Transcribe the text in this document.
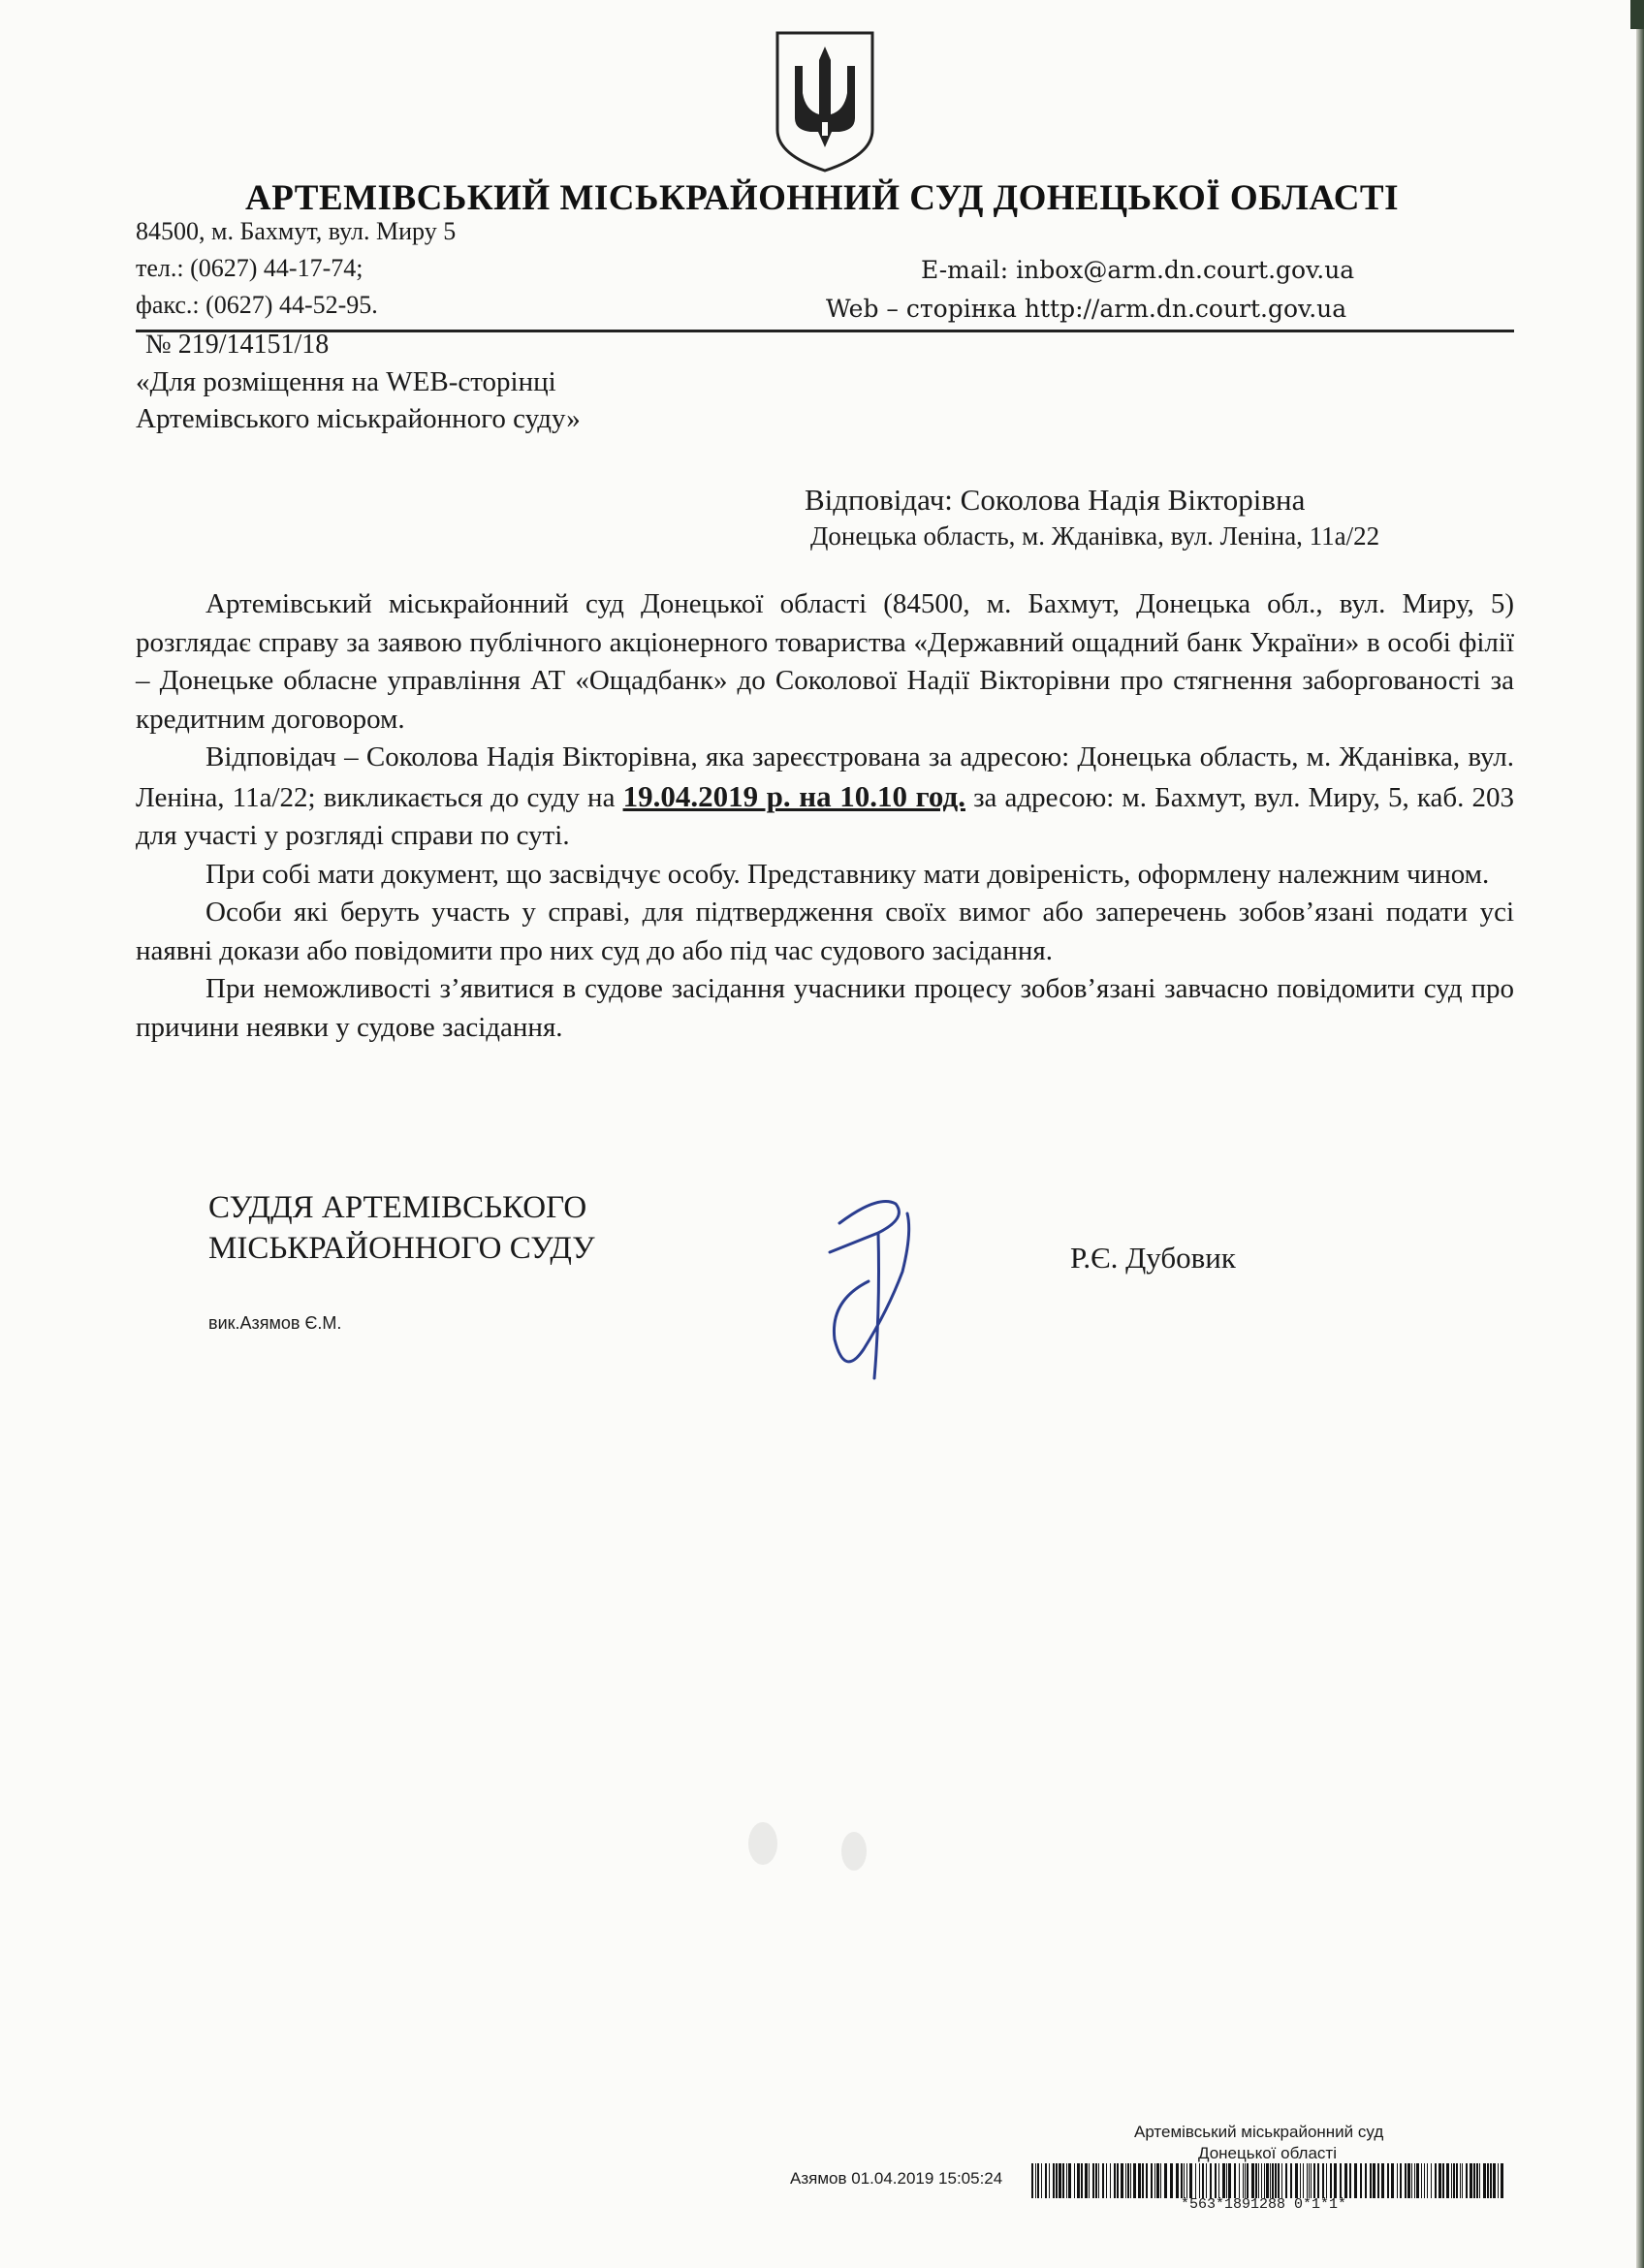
АРТЕМІВСЬКИЙ МІСЬКРАЙОННИЙ СУД ДОНЕЦЬКОЇ ОБЛАСТІ
84500, м. Бахмут, вул. Миру 5
тел.: (0627) 44-17-74;
факс.: (0627) 44-52-95.
E-mail: inbox@arm.dn.court.gov.ua
Web – сторінка http://arm.dn.court.gov.ua
№ 219/14151/18
«Для розміщення на WEB-сторінці
Артемівського міськрайонного суду»
Відповідач: Соколова Надія Вікторівна
Донецька область, м. Жданівка, вул. Леніна, 11а/22

Артемівський міськрайонний суд Донецької області (84500, м. Бахмут, Донецька обл., вул. Миру, 5) розглядає справу за заявою публічного акціонерного товариства «Державний ощадний банк України» в особі філії – Донецьке обласне управління АТ «Ощадбанк» до Соколової Надії Вікторівни про стягнення заборгованості за кредитним договором.

Відповідач – Соколова Надія Вікторівна, яка зареєстрована за адресою: Донецька область, м. Жданівка, вул. Леніна, 11а/22; викликається до суду на 19.04.2019 р. на 10.10 год. за адресою: м. Бахмут, вул. Миру, 5, каб. 203 для участі у розгляді справи по суті.

При собі мати документ, що засвідчує особу. Представнику мати довіреність, оформлену належним чином.

Особи які беруть участь у справі, для підтвердження своїх вимог або заперечень зобов’язані подати усі наявні докази або повідомити про них суд до або під час судового засідання.

При неможливості з’явитися в судове засідання учасники процесу зобов’язані завчасно повідомити суд про причини неявки у судове засідання.

СУДДЯ АРТЕМІВСЬКОГО
МІСЬКРАЙОННОГО СУДУ	Р.Є. Дубовик
вик.Азямов Є.М.
Артемівський міськрайонний суд
Донецької області
Азямов 01.04.2019 15:05:24
*563*1891288 0*1*1*
